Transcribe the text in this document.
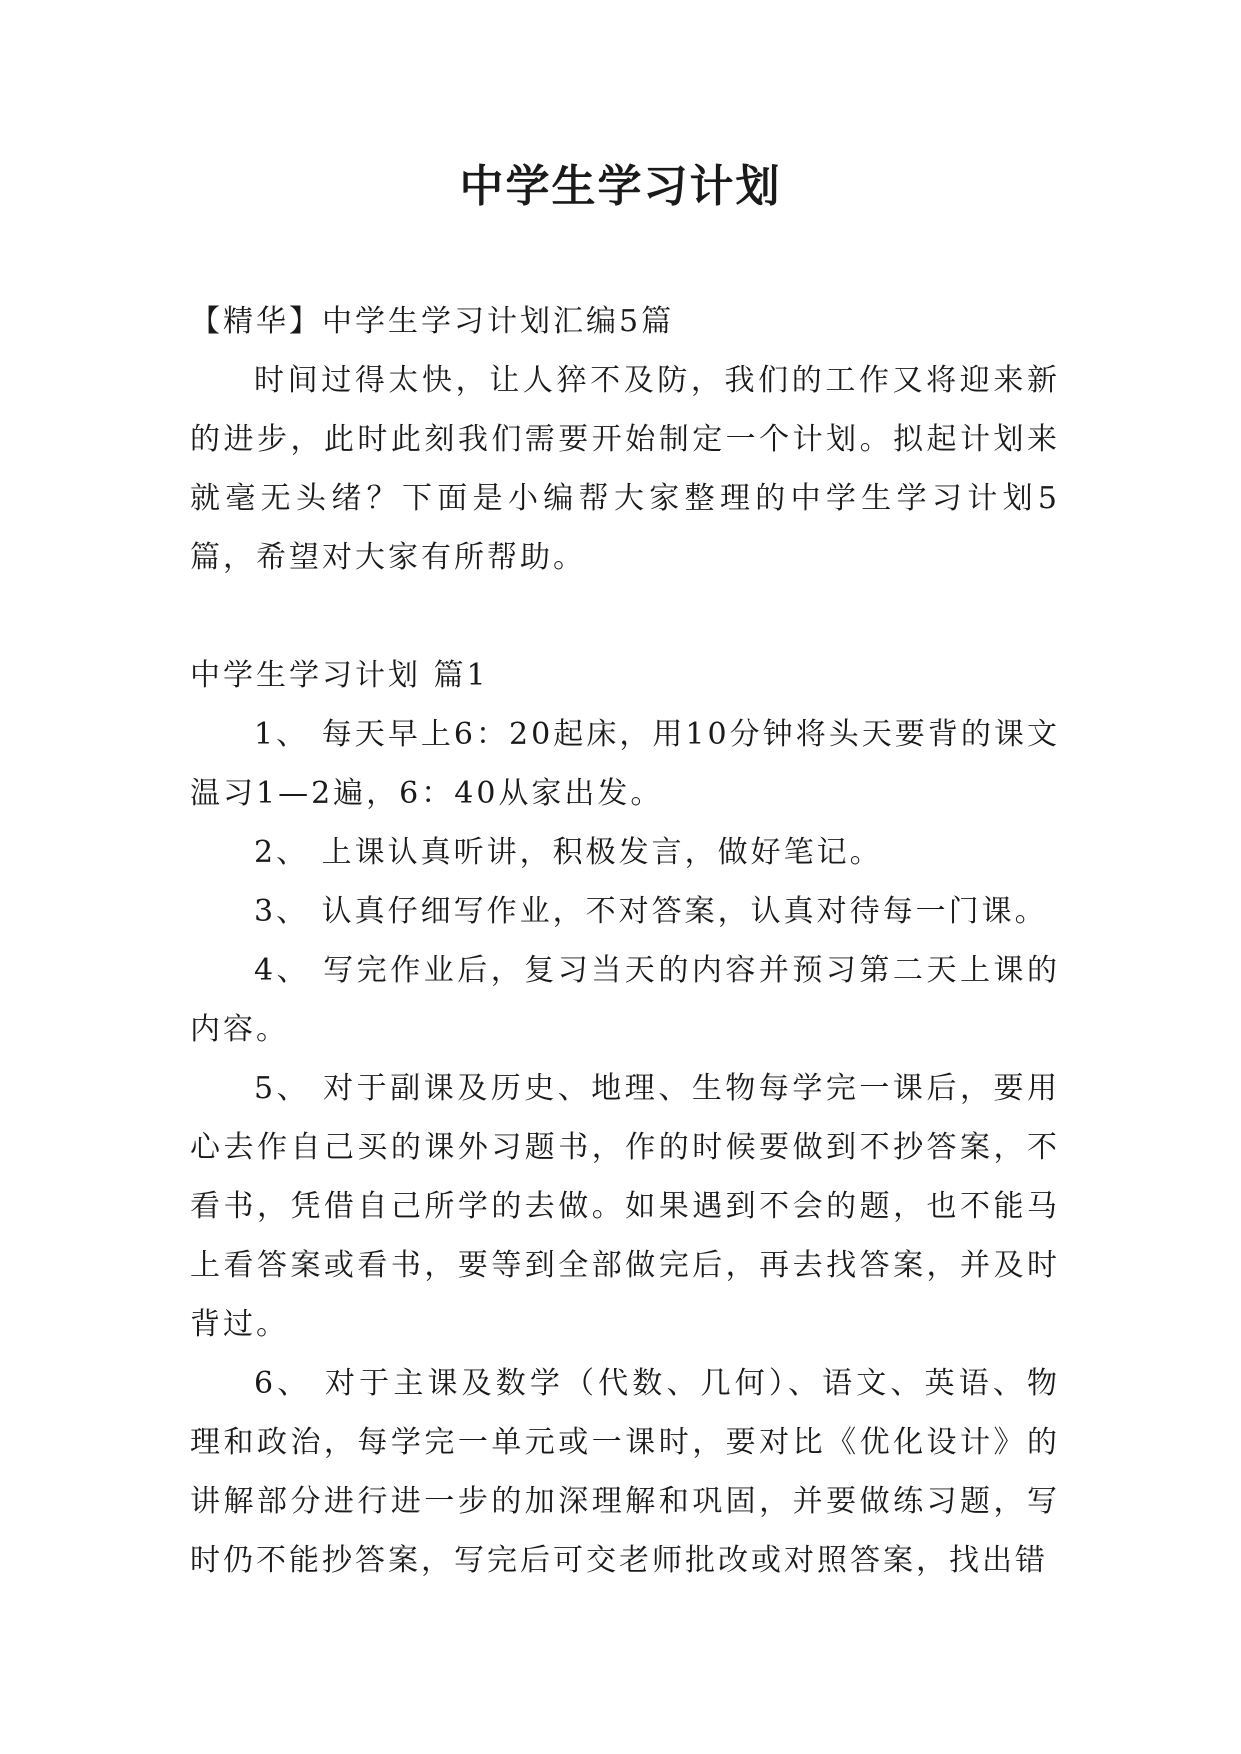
中学生学习计划

【精华】中学生学习计划汇编5篇

时间过得太快，让人猝不及防，我们的工作又将迎来新的进步，此时此刻我们需要开始制定一个计划。拟起计划来就毫无头绪？下面是小编帮大家整理的中学生学习计划5篇，希望对大家有所帮助。

中学生学习计划 篇1

1、 每天早上6：20起床，用10分钟将头天要背的课文温习1—2遍，6：40从家出发。

2、 上课认真听讲，积极发言，做好笔记。

3、 认真仔细写作业，不对答案，认真对待每一门课。

4、 写完作业后，复习当天的内容并预习第二天上课的内容。

5、 对于副课及历史、地理、生物每学完一课后，要用心去作自己买的课外习题书，作的时候要做到不抄答案，不看书，凭借自己所学的去做。如果遇到不会的题，也不能马上看答案或看书，要等到全部做完后，再去找答案，并及时背过。

6、 对于主课及数学（代数、几何）、语文、英语、物理和政治，每学完一单元或一课时，要对比《优化设计》的讲解部分进行进一步的加深理解和巩固，并要做练习题，写时仍不能抄答案，写完后可交老师批改或对照答案，找出错
